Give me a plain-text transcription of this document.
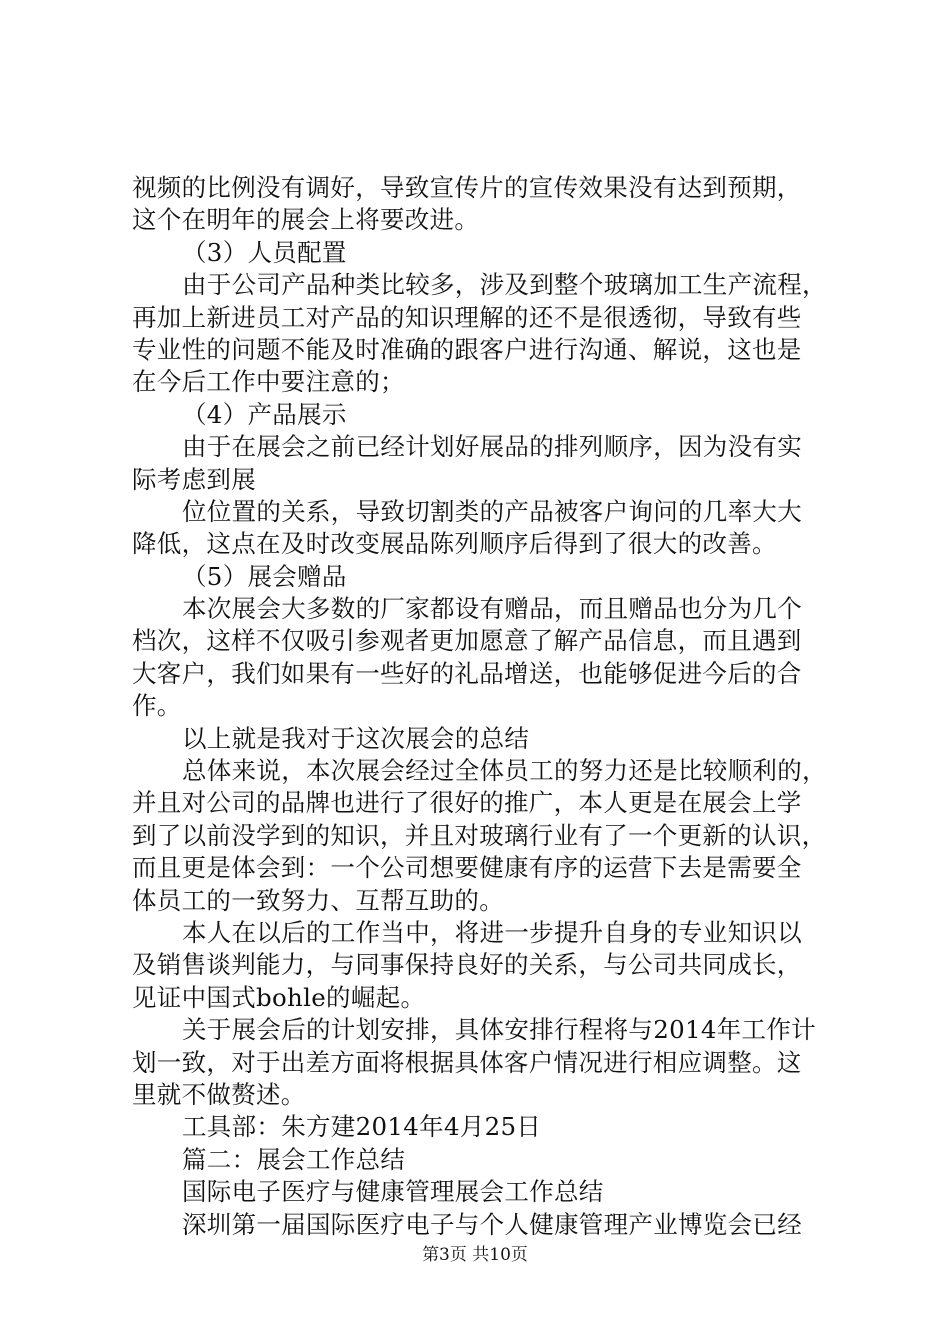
视频的比例没有调好，导致宣传片的宣传效果没有达到预期，
这个在明年的展会上将要改进。
（3）人员配置
由于公司产品种类比较多，涉及到整个玻璃加工生产流程，
再加上新进员工对产品的知识理解的还不是很透彻，导致有些
专业性的问题不能及时准确的跟客户进行沟通、解说，这也是
在今后工作中要注意的；
（4）产品展示
由于在展会之前已经计划好展品的排列顺序，因为没有实
际考虑到展
位位置的关系，导致切割类的产品被客户询问的几率大大
降低，这点在及时改变展品陈列顺序后得到了很大的改善。
（5）展会赠品
本次展会大多数的厂家都设有赠品，而且赠品也分为几个
档次，这样不仅吸引参观者更加愿意了解产品信息，而且遇到
大客户，我们如果有一些好的礼品增送，也能够促进今后的合
作。
以上就是我对于这次展会的总结
总体来说，本次展会经过全体员工的努力还是比较顺利的，
并且对公司的品牌也进行了很好的推广，本人更是在展会上学
到了以前没学到的知识，并且对玻璃行业有了一个更新的认识，
而且更是体会到：一个公司想要健康有序的运营下去是需要全
体员工的一致努力、互帮互助的。
本人在以后的工作当中，将进一步提升自身的专业知识以
及销售谈判能力，与同事保持良好的关系，与公司共同成长，
见证中国式bohle的崛起。
关于展会后的计划安排，具体安排行程将与2014年工作计
划一致，对于出差方面将根据具体客户情况进行相应调整。这
里就不做赘述。
工具部：朱方建2014年4月25日
篇二：展会工作总结
国际电子医疗与健康管理展会工作总结
深圳第一届国际医疗电子与个人健康管理产业博览会已经
第3页 共10页
